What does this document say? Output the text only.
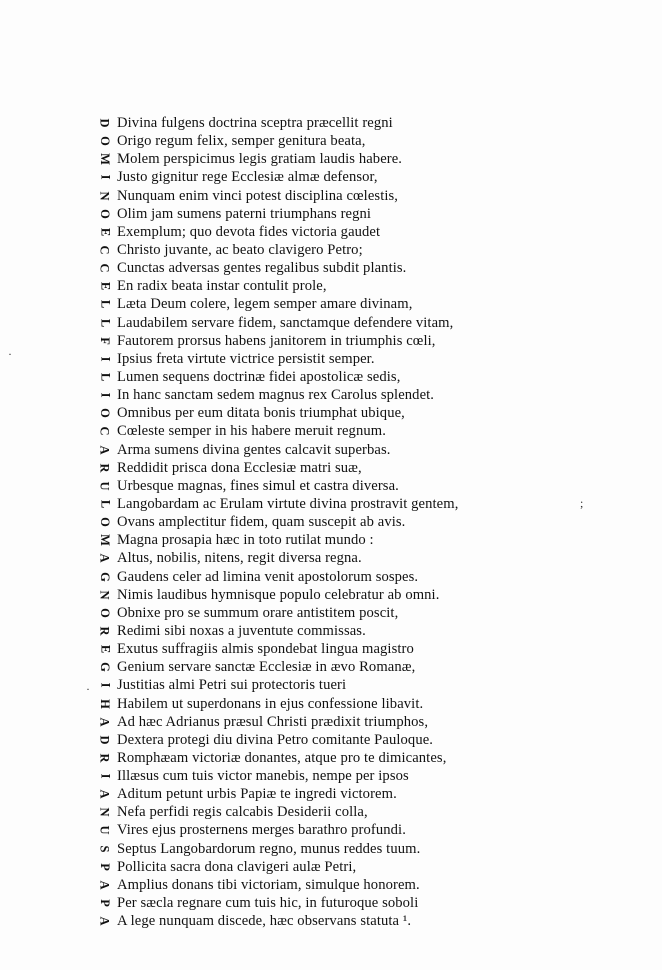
D Divina fulgens doctrina sceptra præcellit regni
O Origo regum felix, semper genitura beata,
M Molem perspicimus legis gratiam laudis habere.
I Justo gignitur rege Ecclesiæ almæ defensor,
N Nunquam enim vinci potest disciplina cœlestis,
O Olim jam sumens paterni triumphans regni
E Exemplum; quo devota fides victoria gaudet
C Christo juvante, ac beato clavigero Petro;
C Cunctas adversas gentes regalibus subdit plantis.
E En radix beata instar contulit prole,
L Læta Deum colere, legem semper amare divinam,
L Laudabilem servare fidem, sanctamque defendere vitam,
F Fautorem prorsus habens janitorem in triumphis cœli,
I Ipsius freta virtute victrice persistit semper.
L Lumen sequens doctrinæ fidei apostolicæ sedis,
I In hanc sanctam sedem magnus rex Carolus splendet.
O Omnibus per eum ditata bonis triumphat ubique,
C Cœleste semper in his habere meruit regnum.
A Arma sumens divina gentes calcavit superbas.
R Reddidit prisca dona Ecclesiæ matri suæ,
U Urbesque magnas, fines simul et castra diversa.
L Langobardam ac Erulam virtute divina prostravit gentem,
O Ovans amplectitur fidem, quam suscepit ab avis.
M Magna prosapia hæc in toto rutilat mundo :
A Altus, nobilis, nitens, regit diversa regna.
G Gaudens celer ad limina venit apostolorum sospes.
N Nimis laudibus hymnisque populo celebratur ab omni.
O Obnixe pro se summum orare antistitem poscit,
R Redimi sibi noxas a juventute commissas.
E Exutus suffragiis almis spondebat lingua magistro
G Genium servare sanctæ Ecclesiæ in ævo Romanæ,
I Justitias almi Petri sui protectoris tueri
H Habilem ut superdonans in ejus confessione libavit.
A Ad hæc Adrianus præsul Christi prædixit triumphos,
D Dextera protegi diu divina Petro comitante Pauloque.
R Romphæam victoriæ donantes, atque pro te dimicantes,
I Illæsus cum tuis victor manebis, nempe per ipsos
A Aditum petunt urbis Papiæ te ingredi victorem.
N Nefa perfidi regis calcabis Desiderii colla,
U Vires ejus prosternens merges barathro profundi.
S Septus Langobardorum regno, munus reddes tuum.
P Pollicita sacra dona clavigeri aulæ Petri,
A Amplius donans tibi victoriam, simulque honorem.
P Per sæcla regnare cum tuis hic, in futuroque soboli
A A lege nunquam discede, hæc observans statuta ¹.
;
·
·
